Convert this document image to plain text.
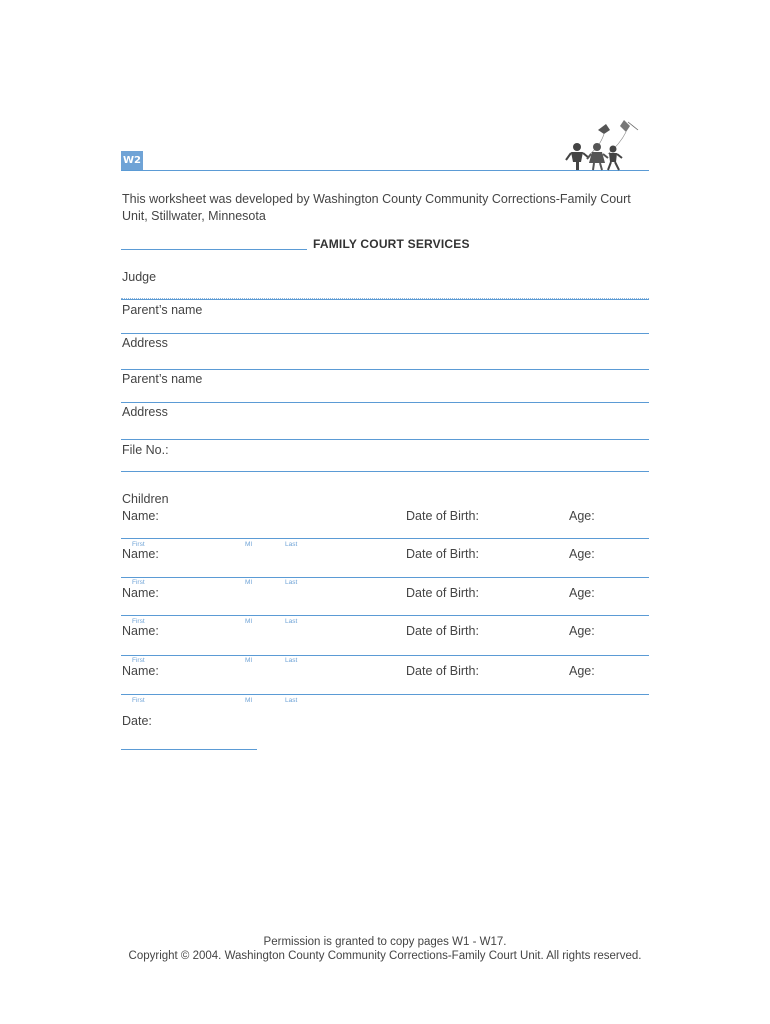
W2
This worksheet was developed by Washington County Community Corrections-Family Court Unit, Stillwater, Minnesota
FAMILY COURT SERVICES
Judge
Parent’s name
Address
Parent’s name
Address
File No.:
Children
Name:	Date of Birth:	Age:
First	MI	Last
Name:	Date of Birth:	Age:
First	MI	Last
Name:	Date of Birth:	Age:
First	MI	Last
Name:	Date of Birth:	Age:
First	MI	Last
Name:	Date of Birth:	Age:
First	MI	Last
Date:
Permission is granted to copy pages W1 - W17.
Copyright © 2004. Washington County Community Corrections-Family Court Unit. All rights reserved.
